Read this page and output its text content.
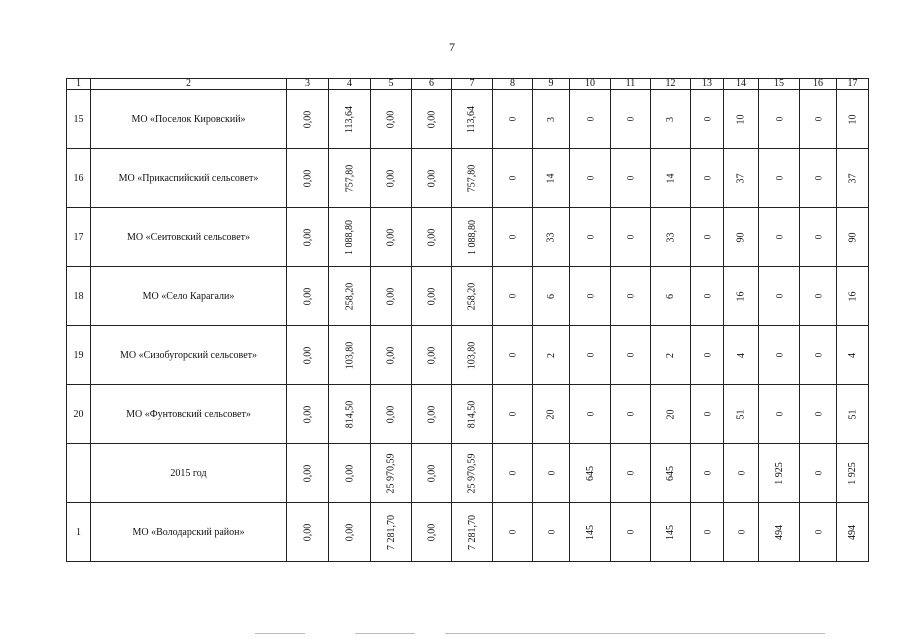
7
1	2	3	4	5	6	7	8	9	10	11	12	13	14	15	16	17
15	МО «Поселок Кировский»	0,00	113,64	0,00	0,00	113,64	0	3	0	0	3	0	10	0	0	10
16	МО «Прикаспийский сельсовет»	0,00	757,80	0,00	0,00	757,80	0	14	0	0	14	0	37	0	0	37
17	МО «Сеитовский сельсовет»	0,00	1 088,80	0,00	0,00	1 088,80	0	33	0	0	33	0	90	0	0	90
18	МО «Село Карагали»	0,00	258,20	0,00	0,00	258,20	0	6	0	0	6	0	16	0	0	16
19	МО «Сизобугорский сельсовет»	0,00	103,80	0,00	0,00	103,80	0	2	0	0	2	0	4	0	0	4
20	МО «Фунтовский сельсовет»	0,00	814,50	0,00	0,00	814,50	0	20	0	0	20	0	51	0	0	51
	2015 год	0,00	0,00	25 970,59	0,00	25 970,59	0	0	645	0	645	0	0	1 925	0	1 925
1	МО «Володарский район»	0,00	0,00	7 281,70	0,00	7 281,70	0	0	145	0	145	0	0	494	0	494
